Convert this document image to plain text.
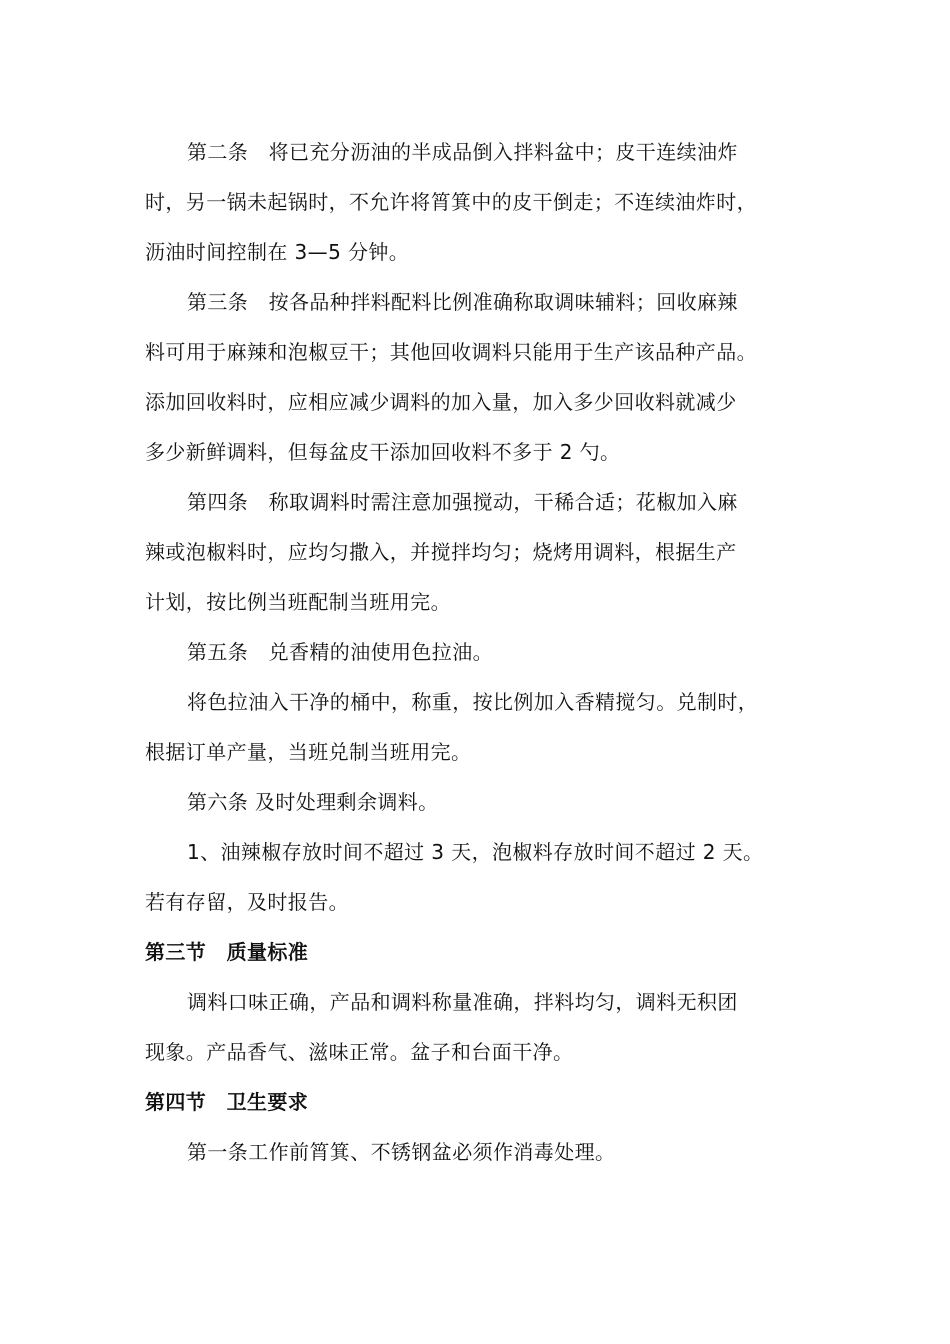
第二条　将已充分沥油的半成品倒入拌料盆中；皮干连续油炸
时，另一锅未起锅时，不允许将筲箕中的皮干倒走；不连续油炸时，
沥油时间控制在 3—5 分钟。
第三条　按各品种拌料配料比例准确称取调味辅料；回收麻辣
料可用于麻辣和泡椒豆干；其他回收调料只能用于生产该品种产品。
添加回收料时，应相应减少调料的加入量，加入多少回收料就减少
多少新鲜调料，但每盆皮干添加回收料不多于 2 勺。
第四条　称取调料时需注意加强搅动，干稀合适；花椒加入麻
辣或泡椒料时，应均匀撒入，并搅拌均匀；烧烤用调料，根据生产
计划，按比例当班配制当班用完。
第五条　兑香精的油使用色拉油。
将色拉油入干净的桶中，称重，按比例加入香精搅匀。兑制时，
根据订单产量，当班兑制当班用完。
第六条 及时处理剩余调料。
1、油辣椒存放时间不超过 3 天，泡椒料存放时间不超过 2 天。
若有存留，及时报告。
第三节　质量标准
调料口味正确，产品和调料称量准确，拌料均匀，调料无积团
现象。产品香气、滋味正常。盆子和台面干净。
第四节　卫生要求
第一条工作前筲箕、不锈钢盆必须作消毒处理。
